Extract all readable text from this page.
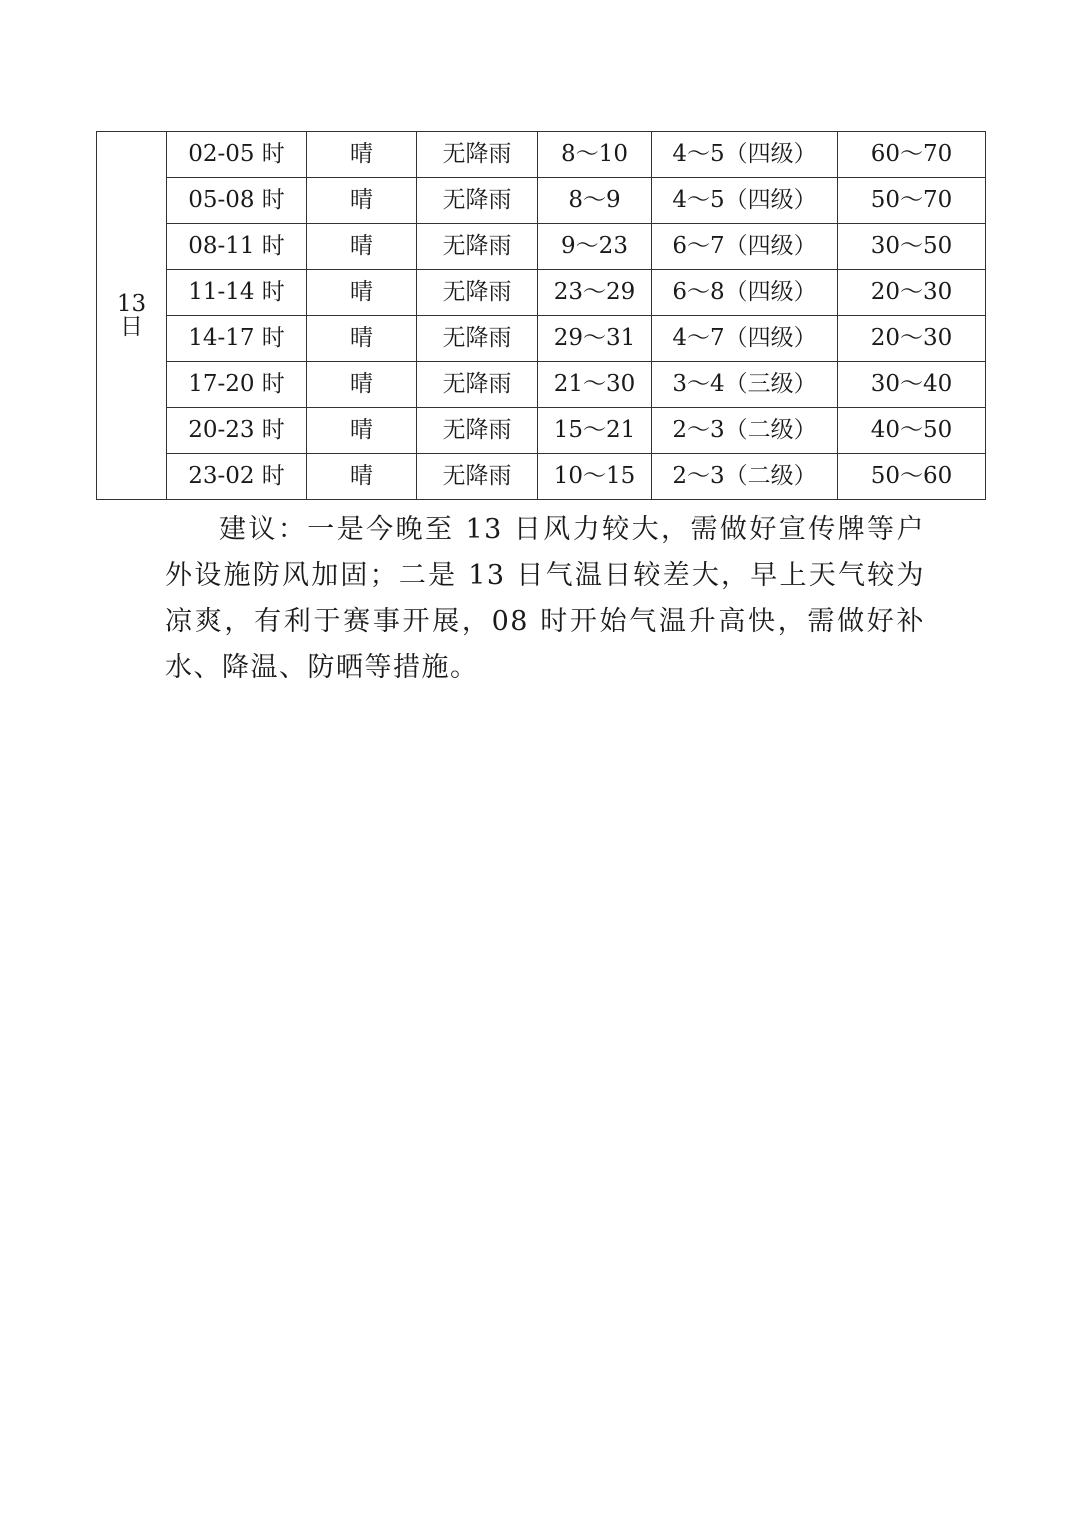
13
日	02-05 时	晴	无降雨	8～10	4～5（四级）	60～70
	05-08 时	晴	无降雨	8～9	4～5（四级）	50～70
	08-11 时	晴	无降雨	9～23	6～7（四级）	30～50
	11-14 时	晴	无降雨	23～29	6～8（四级）	20～30
	14-17 时	晴	无降雨	29～31	4～7（四级）	20～30
	17-20 时	晴	无降雨	21～30	3～4（三级）	30～40
	20-23 时	晴	无降雨	15～21	2～3（二级）	40～50
	23-02 时	晴	无降雨	10～15	2～3（二级）	50～60

建议：一是今晚至 13 日风力较大，需做好宣传牌等户外设施防风加固；二是 13 日气温日较差大，早上天气较为凉爽，有利于赛事开展，08 时开始气温升高快，需做好补水、降温、防晒等措施。
